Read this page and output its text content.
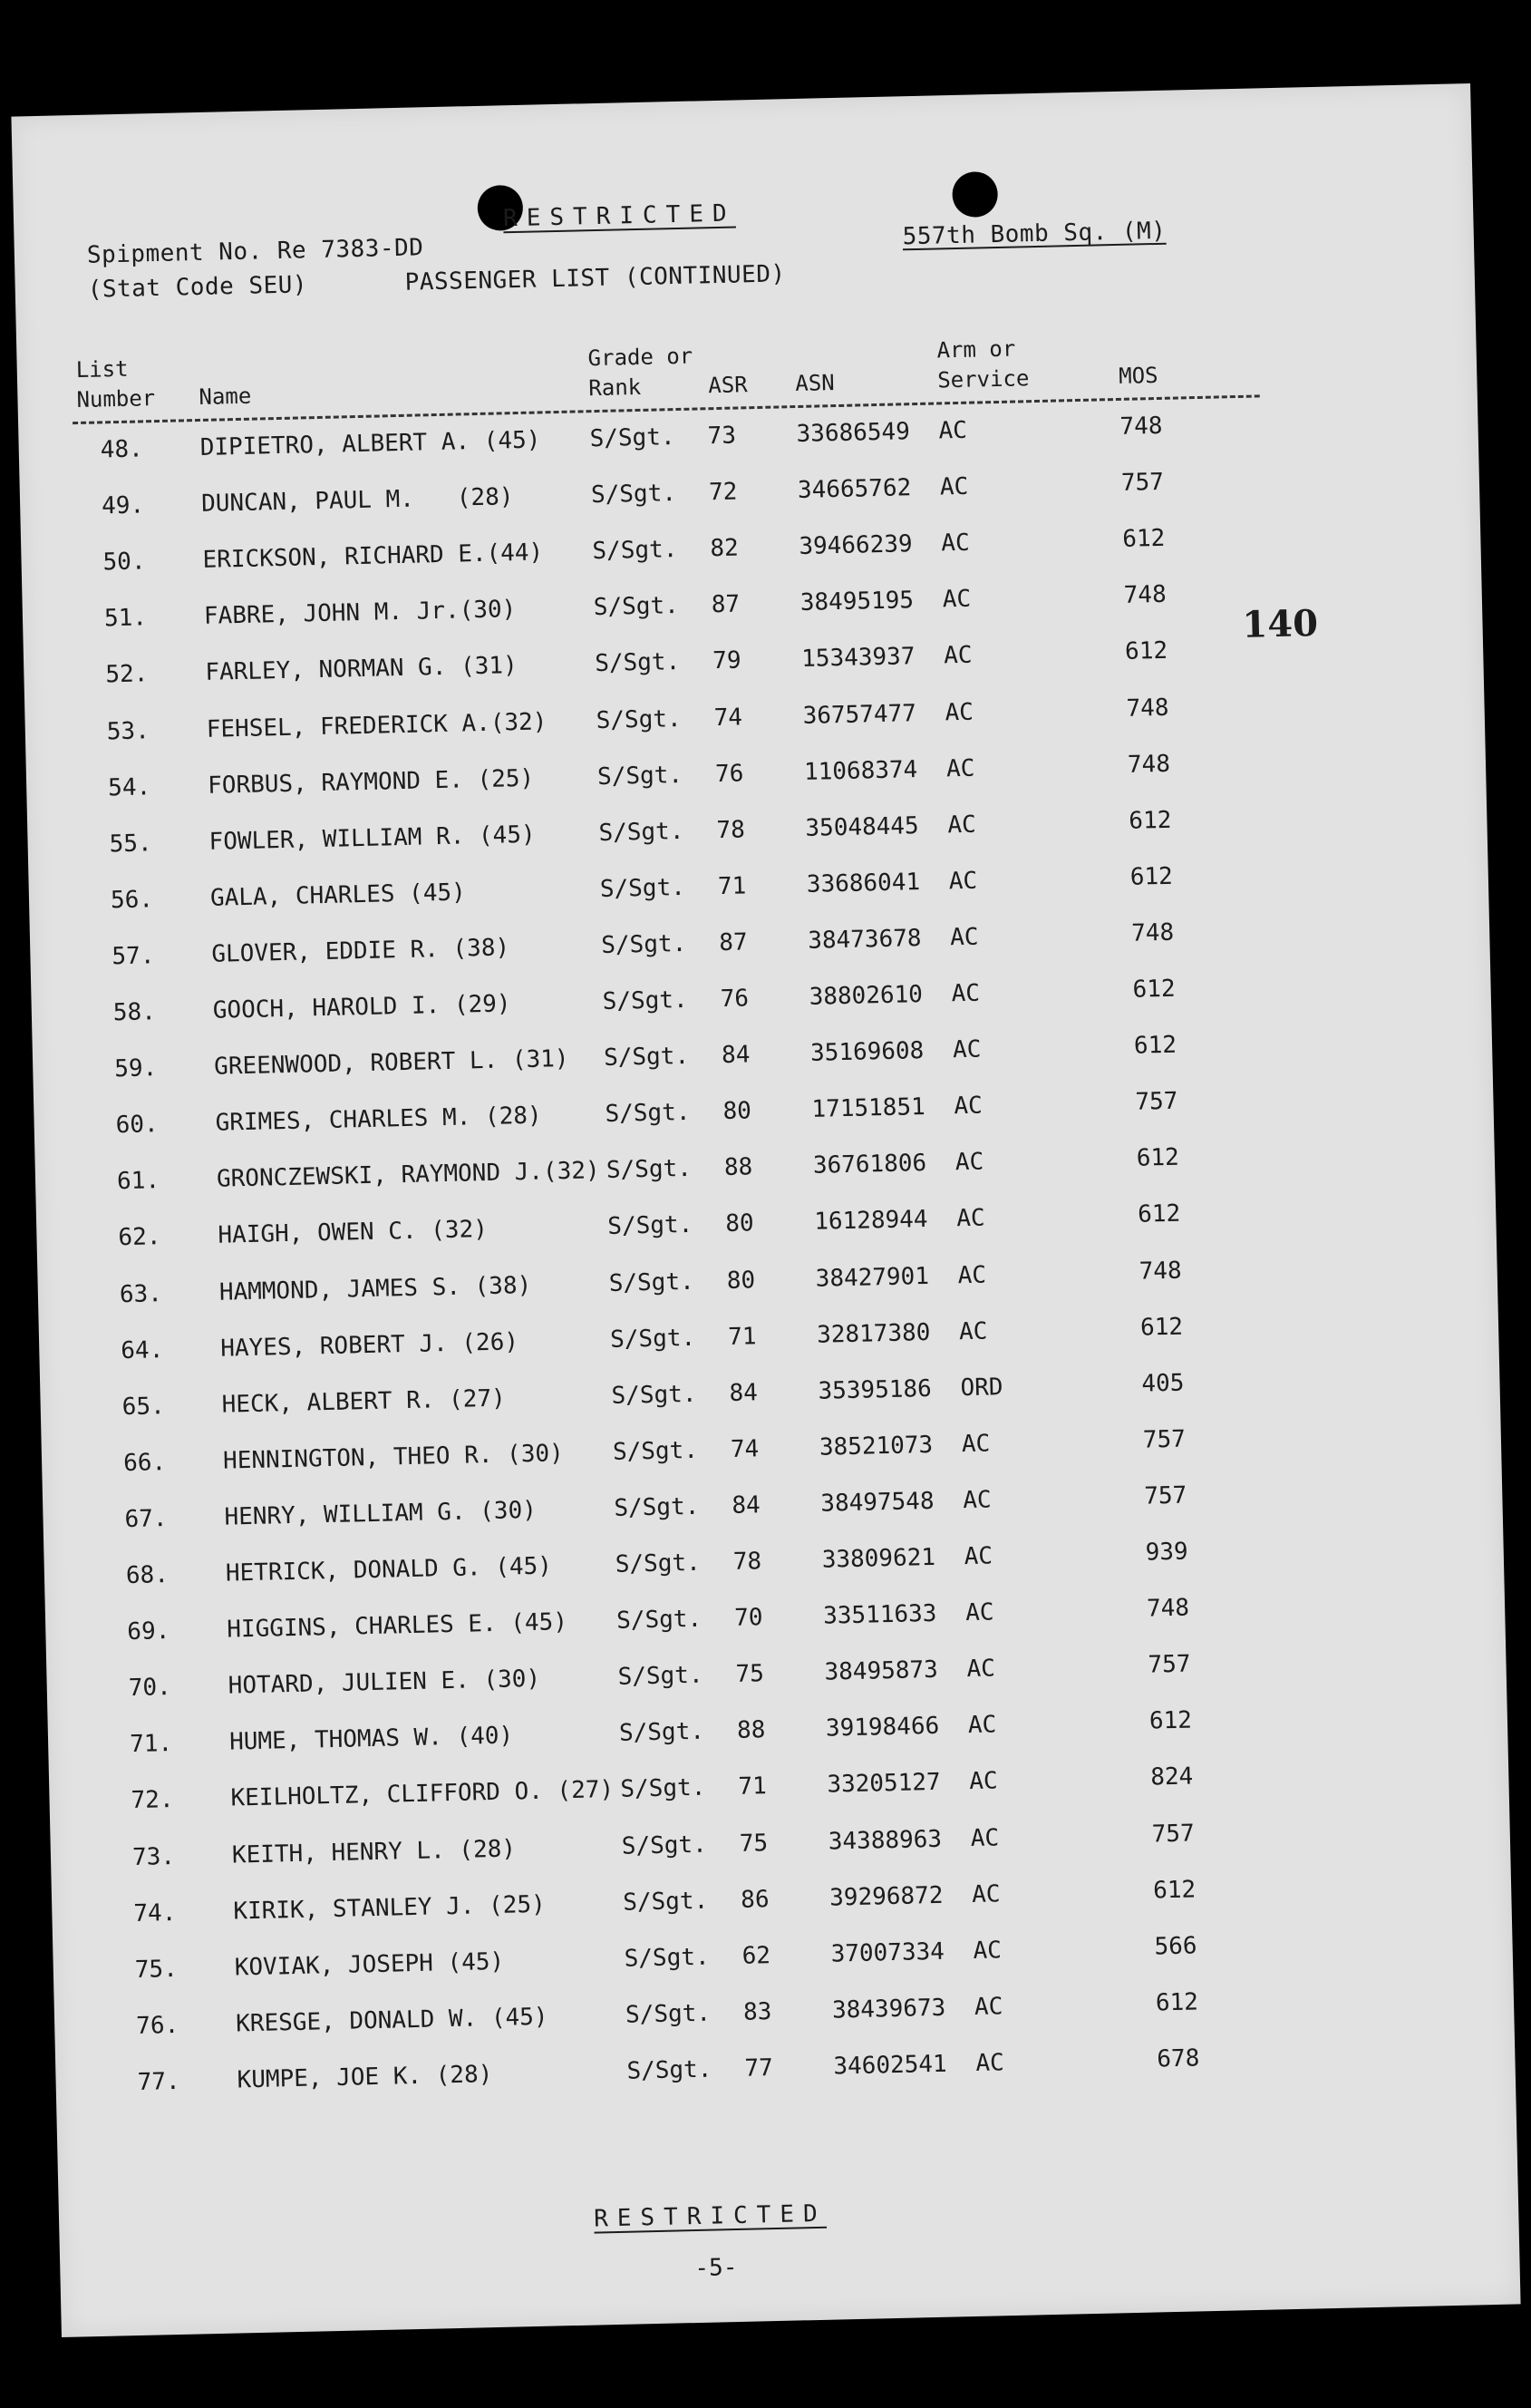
RESTRICTED
Spipment No. Re 7383-DD
557th Bomb Sq. (M)
(Stat Code SEU)	PASSENGER LIST (CONTINUED)
List
Number Name
Grade or
Rank	ASR ASN
Arm or
Service	MOS
140
48. DIPIETRO, ALBERT A. (45) S/Sgt. 73	33686549 AC	748
49. DUNCAN, PAUL M.   (28)	S/Sgt. 72	34665762 AC	757
50. ERICKSON, RICHARD E.(44) S/Sgt. 82	39466239 AC	612
51. FABRE, JOHN M. Jr.(30)	S/Sgt. 87	38495195 AC	748
52. FARLEY, NORMAN G. (31)	S/Sgt. 79	15343937 AC	612
53. FEHSEL, FREDERICK A.(32) S/Sgt. 74	36757477 AC	748
54. FORBUS, RAYMOND E. (25)	S/Sgt. 76	11068374 AC	748
55. FOWLER, WILLIAM R. (45)	S/Sgt. 78	35048445 AC	612
56. GALA, CHARLES (45)	S/Sgt. 71	33686041 AC	612
57. GLOVER, EDDIE R. (38)	S/Sgt. 87	38473678 AC	748
58. GOOCH, HAROLD I. (29)	S/Sgt. 76	38802610 AC	612
59. GREENWOOD, ROBERT L. (31) S/Sgt. 84	35169608 AC	612
60. GRIMES, CHARLES M. (28)	S/Sgt. 80	17151851 AC	757
61. GRONCZEWSKI, RAYMOND J.(32) S/Sgt. 88	36761806 AC	612
62. HAIGH, OWEN C. (32)	S/Sgt. 80	16128944 AC	612
63. HAMMOND, JAMES S. (38)	S/Sgt. 80	38427901 AC	748
64. HAYES, ROBERT J. (26)	S/Sgt. 71	32817380 AC	612
65. HECK, ALBERT R. (27)	S/Sgt. 84	35395186 ORD	405
66. HENNINGTON, THEO R. (30) S/Sgt. 74	38521073 AC	757
67. HENRY, WILLIAM G. (30)	S/Sgt. 84	38497548 AC	757
68. HETRICK, DONALD G. (45)	S/Sgt. 78	33809621 AC	939
69. HIGGINS, CHARLES E. (45) S/Sgt. 70	33511633 AC	748
70. HOTARD, JULIEN E. (30)	S/Sgt. 75	38495873 AC	757
71. HUME, THOMAS W. (40)	S/Sgt. 88	39198466 AC	612
72. KEILHOLTZ, CLIFFORD O. (27) S/Sgt. 71	33205127 AC	824
73. KEITH, HENRY L. (28)	S/Sgt. 75	34388963 AC	757
74. KIRIK, STANLEY J. (25)	S/Sgt. 86	39296872 AC	612
75. KOVIAK, JOSEPH (45)	S/Sgt. 62	37007334 AC	566
76. KRESGE, DONALD W. (45)	S/Sgt. 83	38439673 AC	612
77. KUMPE, JOE K. (28)	S/Sgt. 77	34602541 AC	678
RESTRICTED
-5-
